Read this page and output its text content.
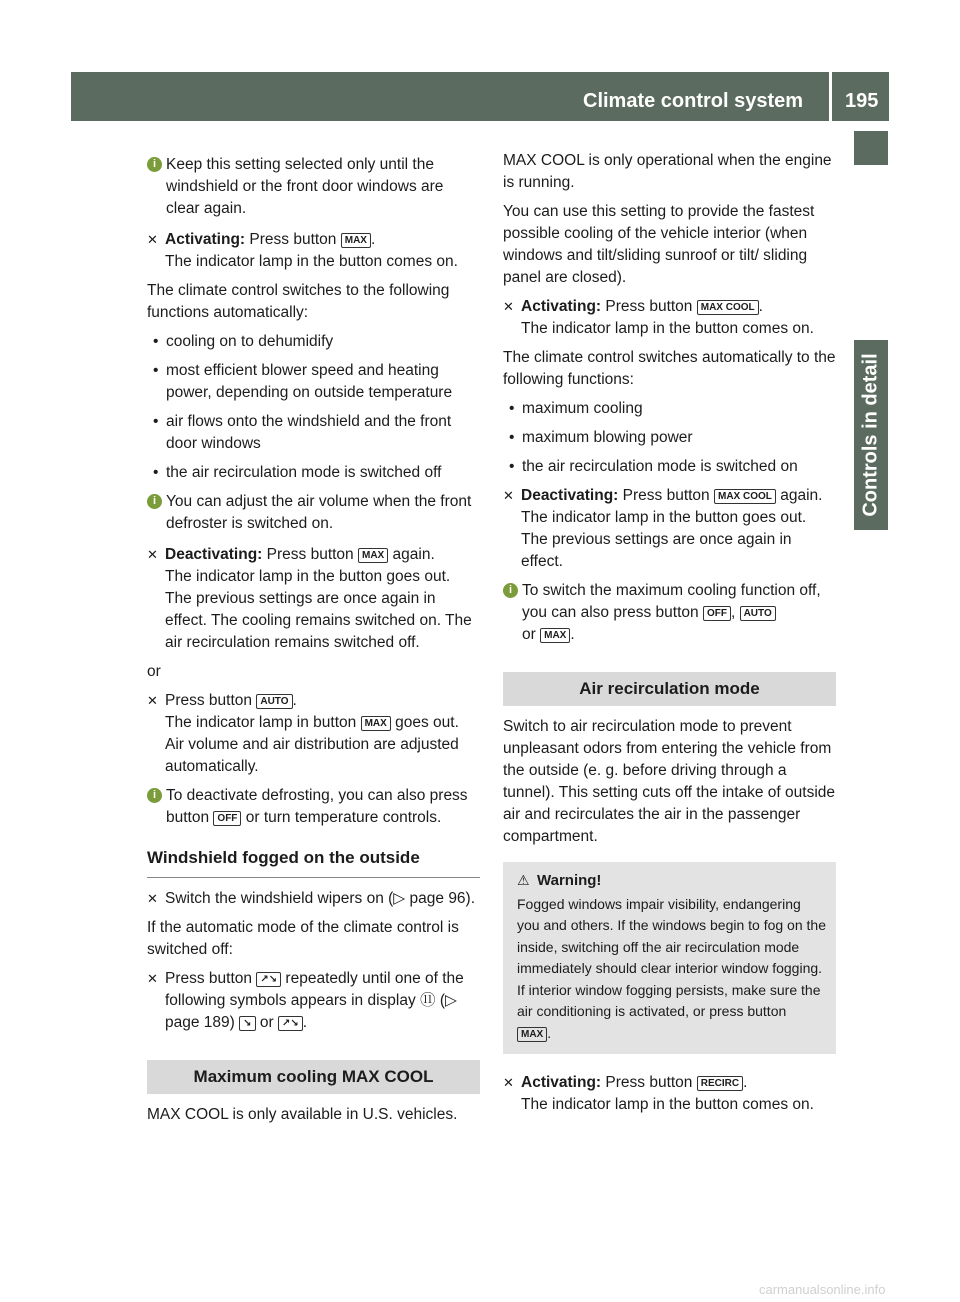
Climate control system 195
Controls in detail
i Keep this setting selected only until the windshield or the front door windows are clear again.
✕ Activating: Press button MAX .
The indicator lamp in the button comes on.
The climate control switches to the following functions automatically:
• cooling on to dehumidify
• most efficient blower speed and heating power, depending on outside temperature
• air flows onto the windshield and the front door windows
• the air recirculation mode is switched off
i You can adjust the air volume when the front defroster is switched on.
✕ Deactivating: Press button MAX again.
The indicator lamp in the button goes out. The previous settings are once again in effect. The cooling remains switched on. The air recirculation remains switched off.
or
✕ Press button AUTO .
The indicator lamp in button MAX goes out. Air volume and air distribution are adjusted automatically.
i To deactivate defrosting, you can also press button OFF or turn temperature controls.
Windshield fogged on the outside
✕ Switch the windshield wipers on (▷ page 96).
If the automatic mode of the climate control is switched off:
✕ Press button ↗↘ repeatedly until one of the following symbols appears in display ⑪ (▷ page 189) ↘ or ↗↘ .
Maximum cooling MAX COOL
MAX COOL is only available in U.S. vehicles.
MAX COOL is only operational when the engine is running.
You can use this setting to provide the fastest possible cooling of the vehicle interior (when windows and tilt/sliding sunroof or tilt/ sliding panel are closed).
✕ Activating: Press button MAX COOL .
The indicator lamp in the button comes on.
The climate control switches automatically to the following functions:
• maximum cooling
• maximum blowing power
• the air recirculation mode is switched on
✕ Deactivating: Press button MAX COOL again.
The indicator lamp in the button goes out. The previous settings are once again in effect.
i To switch the maximum cooling function off, you can also press button OFF , AUTO
or MAX .
Air recirculation mode
Switch to air recirculation mode to prevent unpleasant odors from entering the vehicle from the outside (e. g. before driving through a tunnel). This setting cuts off the intake of outside air and recirculates the air in the passenger compartment.
⚠ Warning!
Fogged windows impair visibility, endangering you and others. If the windows begin to fog on the inside, switching off the air recirculation mode immediately should clear interior window fogging. If interior window fogging persists, make sure the air conditioning is activated, or press button
MAX .
✕ Activating: Press button RECIRC .
The indicator lamp in the button comes on.
carmanualsonline.info
